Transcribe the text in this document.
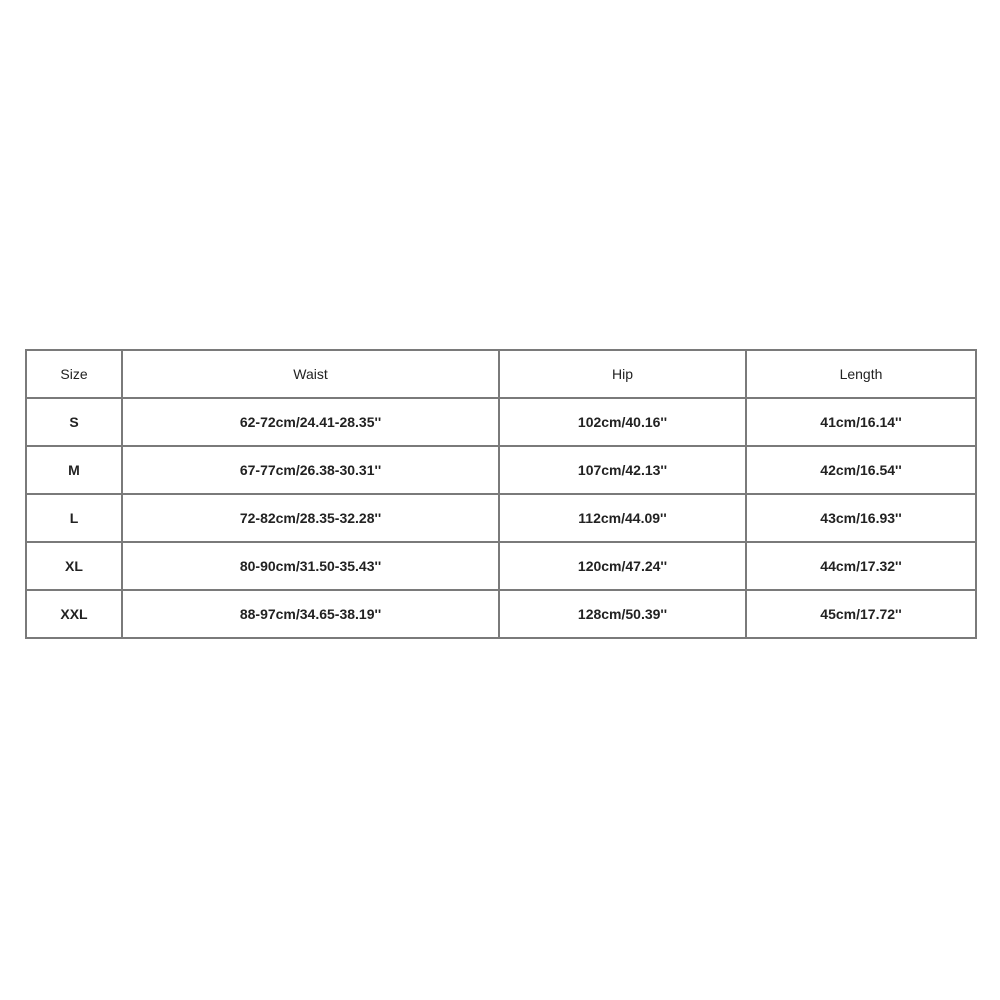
Size	Waist	Hip	Length
S	62-72cm/24.41-28.35''	102cm/40.16''	41cm/16.14''
M	67-77cm/26.38-30.31''	107cm/42.13''	42cm/16.54''
L	72-82cm/28.35-32.28''	112cm/44.09''	43cm/16.93''
XL	80-90cm/31.50-35.43''	120cm/47.24''	44cm/17.32''
XXL	88-97cm/34.65-38.19''	128cm/50.39''	45cm/17.72''
